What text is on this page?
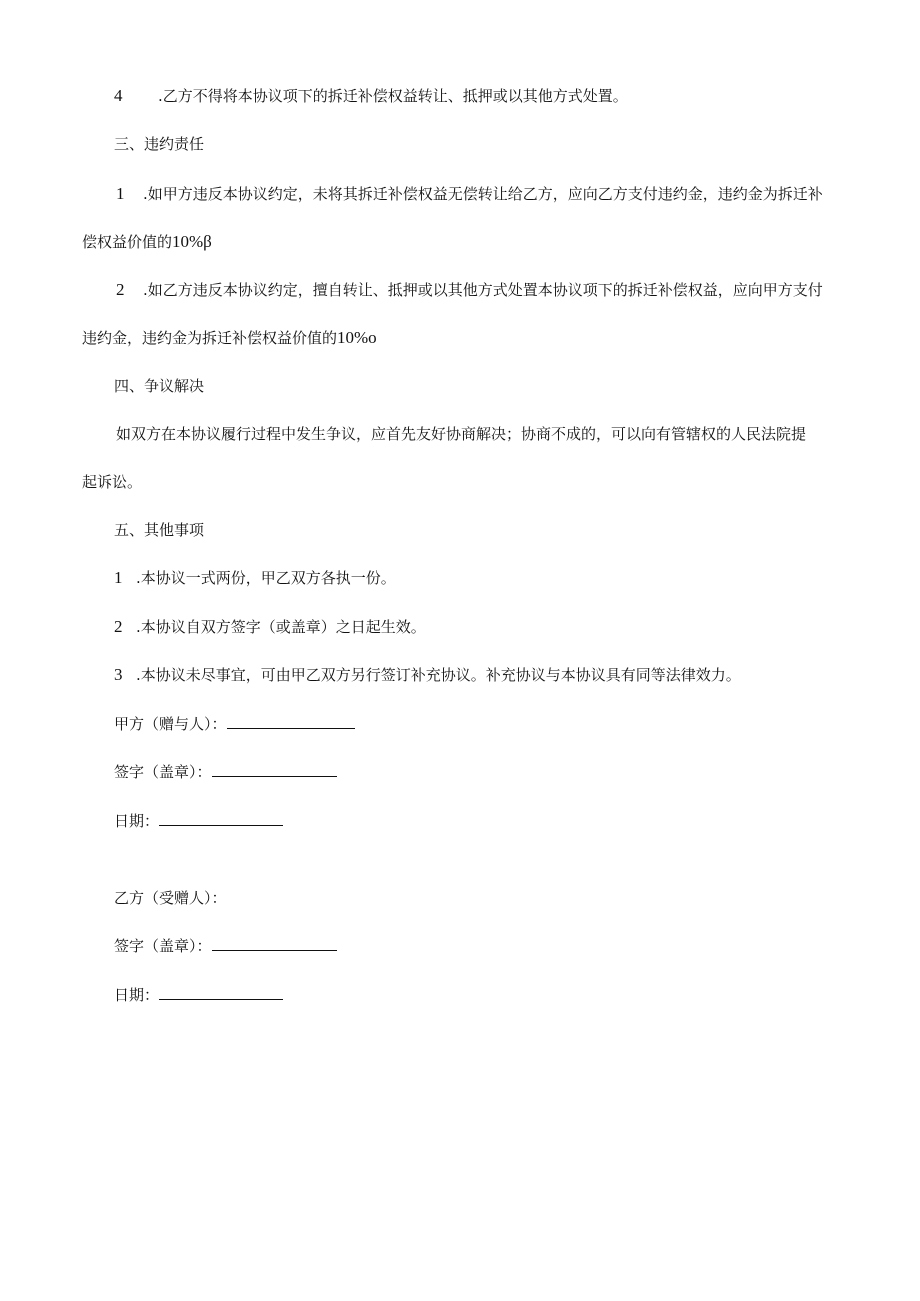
4 .乙方不得将本协议项下的拆迁补偿权益转让、抵押或以其他方式处置。
三、违约责任
1 .如甲方违反本协议约定，未将其拆迁补偿权益无偿转让给乙方，应向乙方支付违约金，违约金为拆迁补
偿权益价值的10%β
2 .如乙方违反本协议约定，擅自转让、抵押或以其他方式处置本协议项下的拆迁补偿权益，应向甲方支付
违约金，违约金为拆迁补偿权益价值的10%o
四、争议解决
如双方在本协议履行过程中发生争议，应首先友好协商解决；协商不成的，可以向有管辖权的人民法院提
起诉讼。
五、其他事项
1 .本协议一式两份，甲乙双方各执一份。
2 .本协议自双方签字（或盖章）之日起生效。
3 .本协议未尽事宜，可由甲乙双方另行签订补充协议。补充协议与本协议具有同等法律效力。
甲方（赠与人）：
签字（盖章）：
日期：
乙方（受赠人）：
签字（盖章）：
日期：
